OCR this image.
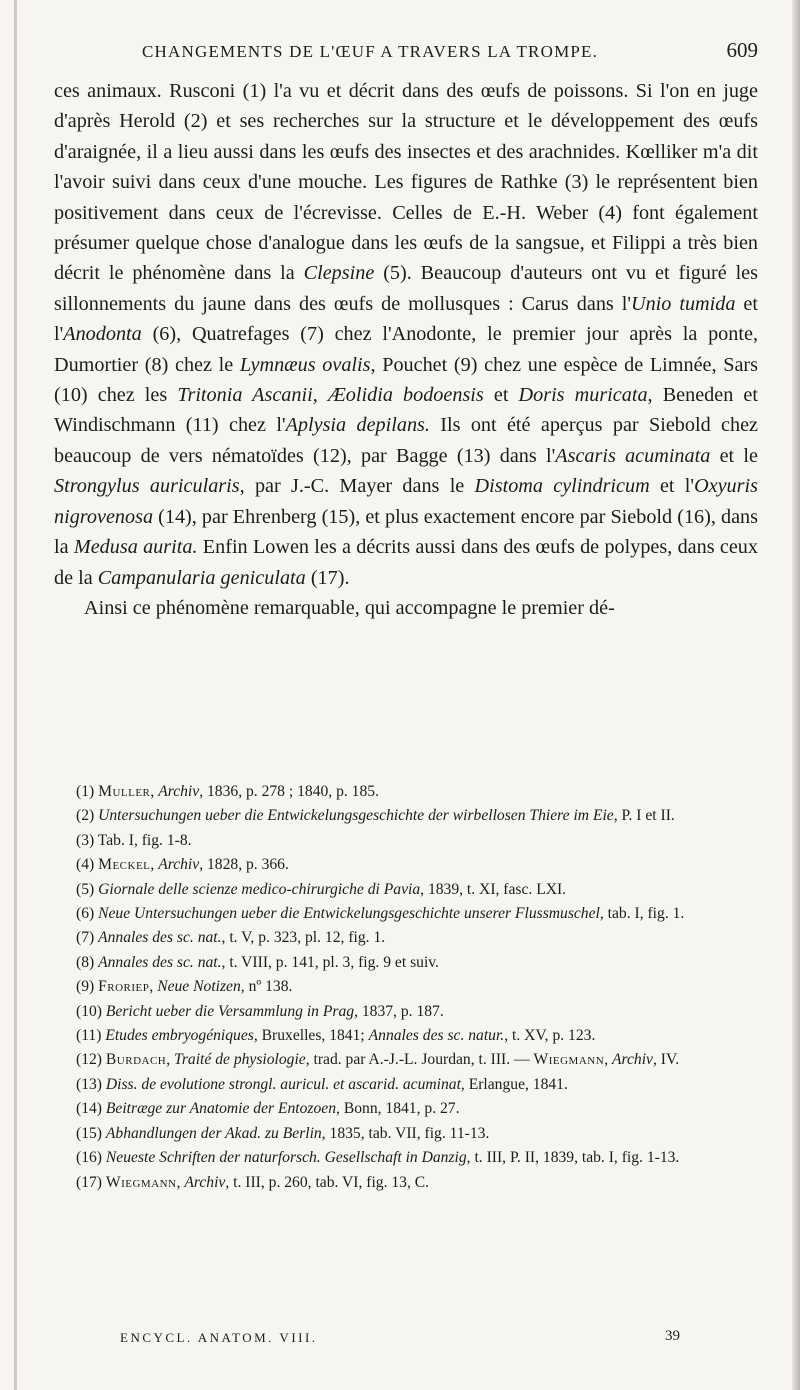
CHANGEMENTS DE L'ŒUF A TRAVERS LA TROMPE.	609

ces animaux. Rusconi (1) l'a vu et décrit dans des œufs de poissons. Si l'on en juge d'après Herold (2) et ses recherches sur la structure et le développement des œufs d'araignée, il a lieu aussi dans les œufs des insectes et des arachnides. Kœlliker m'a dit l'avoir suivi dans ceux d'une mouche. Les figures de Rathke (3) le représentent bien positivement dans ceux de l'écrevisse. Celles de E.-H. Weber (4) font également présumer quelque chose d'analogue dans les œufs de la sangsue, et Filippi a très bien décrit le phénomène dans la Clepsine (5). Beaucoup d'auteurs ont vu et figuré les sillonnements du jaune dans des œufs de mollusques : Carus dans l'Unio tumida et l'Anodonta (6), Quatrefages (7) chez l'Anodonte, le premier jour après la ponte, Dumortier (8) chez le Lymnæus ovalis, Pouchet (9) chez une espèce de Limnée, Sars (10) chez les Tritonia Ascanii, Æolidia bodoensis et Doris muricata, Beneden et Windischmann (11) chez l'Aplysia depilans. Ils ont été aperçus par Siebold chez beaucoup de vers nématoïdes (12), par Bagge (13) dans l'Ascaris acuminata et le Strongylus auricularis, par J.-C. Mayer dans le Distoma cylindricum et l'Oxyuris nigrovenosa (14), par Ehrenberg (15), et plus exactement encore par Siebold (16), dans la Medusa aurita. Enfin Lowen les a décrits aussi dans des œufs de polypes, dans ceux de la Campanularia geniculata (17).

Ainsi ce phénomène remarquable, qui accompagne le premier dé-

(1) Muller, Archiv, 1836, p. 278 ; 1840, p. 185.
(2) Untersuchungen ueber die Entwickelungsgeschichte der wirbellosen Thiere im Eie, P. I et II.
(3) Tab. I, fig. 1-8.
(4) Meckel, Archiv, 1828, p. 366.
(5) Giornale delle scienze medico-chirurgiche di Pavia, 1839, t. XI, fasc. LXI.
(6) Neue Untersuchungen ueber die Entwickelungsgeschichte unserer Flussmuschel, tab. I, fig. 1.
(7) Annales des sc. nat., t. V, p. 323, pl. 12, fig. 1.
(8) Annales des sc. nat., t. VIII, p. 141, pl. 3, fig. 9 et suiv.
(9) Froriep, Neue Notizen, nº 138.
(10) Bericht ueber die Versammlung in Prag, 1837, p. 187.
(11) Etudes embryogéniques, Bruxelles, 1841; Annales des sc. natur., t. XV, p. 123.
(12) Burdach, Traité de physiologie, trad. par A.-J.-L. Jourdan, t. III. — Wiegmann, Archiv, IV.
(13) Diss. de evolutione strongl. auricul. et ascarid. acuminat, Erlangue, 1841.
(14) Beitræge zur Anatomie der Entozoen, Bonn, 1841, p. 27.
(15) Abhandlungen der Akad. zu Berlin, 1835, tab. VII, fig. 11-13.
(16) Neueste Schriften der naturforsch. Gesellschaft in Danzig, t. III, P. II, 1839, tab. I, fig. 1-13.
(17) Wiegmann, Archiv, t. III, p. 260, tab. VI, fig. 13, C.
ENCYCL. ANATOM. VIII.	39
